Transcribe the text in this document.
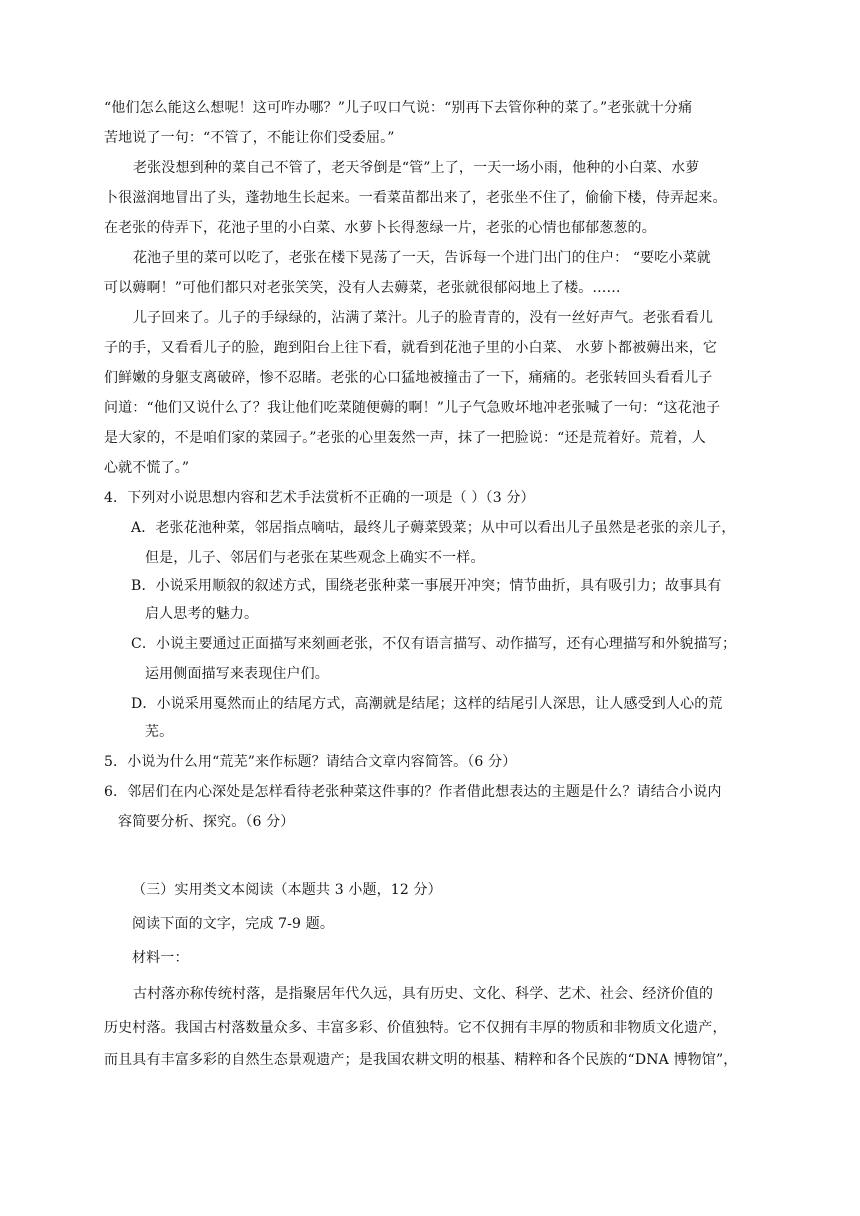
“他们怎么能这么想呢！这可咋办哪？”儿子叹口气说：“别再下去管你种的菜了。”老张就十分痛
苦地说了一句：“不管了，不能让你们受委屈。”
老张没想到种的菜自己不管了，老天爷倒是“管”上了，一天一场小雨，他种的小白菜、水萝
卜很滋润地冒出了头，蓬勃地生长起来。一看菜苗都出来了，老张坐不住了，偷偷下楼，侍弄起来。
在老张的侍弄下，花池子里的小白菜、水萝卜长得葱绿一片，老张的心情也郁郁葱葱的。
花池子里的菜可以吃了，老张在楼下晃荡了一天，告诉每一个进门出门的住户： “要吃小菜就
可以薅啊！”可他们都只对老张笑笑，没有人去薅菜，老张就很郁闷地上了楼。……
儿子回来了。儿子的手绿绿的，沾满了菜汁。儿子的脸青青的，没有一丝好声气。老张看看儿
子的手，又看看儿子的脸，跑到阳台上往下看，就看到花池子里的小白菜、 水萝卜都被薅出来，它
们鲜嫩的身躯支离破碎，惨不忍睹。老张的心口猛地被撞击了一下，痛痛的。老张转回头看看儿子
问道：“他们又说什么了？我让他们吃菜随便薅的啊！”儿子气急败坏地冲老张喊了一句：“这花池子
是大家的，不是咱们家的菜园子。”老张的心里轰然一声，抹了一把脸说：“还是荒着好。荒着，人
心就不慌了。”
4．下列对小说思想内容和艺术手法赏析不正确的一项是（ ）（3 分）
A．老张花池种菜，邻居指点嘀咕，最终儿子薅菜毁菜；从中可以看出儿子虽然是老张的亲儿子，
但是，儿子、邻居们与老张在某些观念上确实不一样。
B．小说采用顺叙的叙述方式，围绕老张种菜一事展开冲突；情节曲折，具有吸引力；故事具有
启人思考的魅力。
C．小说主要通过正面描写来刻画老张，不仅有语言描写、动作描写，还有心理描写和外貌描写；
运用侧面描写来表现住户们。
D．小说采用戛然而止的结尾方式，高潮就是结尾；这样的结尾引人深思，让人感受到人心的荒
芜。
5．小说为什么用“荒芜”来作标题？请结合文章内容简答。（6 分）
6．邻居们在内心深处是怎样看待老张种菜这件事的？作者借此想表达的主题是什么？请结合小说内
容简要分析、探究。（6 分）
（三）实用类文本阅读（本题共 3 小题，12 分）
阅读下面的文字，完成 7-9 题。
材料一：
古村落亦称传统村落，是指聚居年代久远，具有历史、文化、科学、艺术、社会、经济价值的
历史村落。我国古村落数量众多、丰富多彩、价值独特。它不仅拥有丰厚的物质和非物质文化遗产，
而且具有丰富多彩的自然生态景观遗产；是我国农耕文明的根基、精粹和各个民族的“DNA 博物馆”，
